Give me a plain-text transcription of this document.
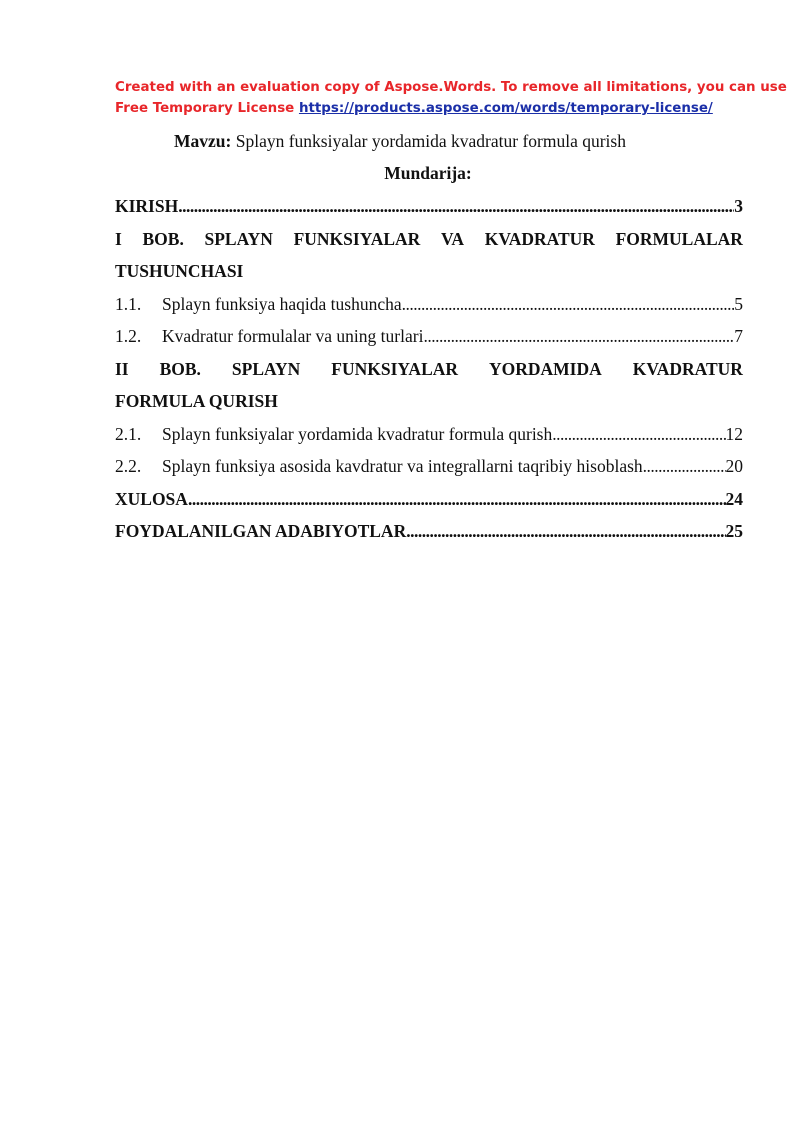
Created with an evaluation copy of Aspose.Words. To remove all limitations, you can use
Free Temporary License https://products.aspose.com/words/temporary-license/
Mavzu: Splayn funksiyalar yordamida kvadratur formula qurish
Mundarija:
KIRISH .....	3
I BOB. SPLAYN FUNKSIYALAR VA KVADRATUR FORMULALAR
TUSHUNCHASI
1.1.	Splayn funksiya haqida tushuncha .....	5
1.2.	Kvadratur formulalar va uning turlari .....	7
II BOB. SPLAYN FUNKSIYALAR YORDAMIDA KVADRATUR
FORMULA QURISH
2.1.	Splayn funksiyalar yordamida kvadratur formula qurish .....	12
2.2.	Splayn funksiya asosida kavdratur va integrallarni taqribiy hisoblash .....	20
XULOSA .....	24
FOYDALANILGAN ADABIYOTLAR .....	25
